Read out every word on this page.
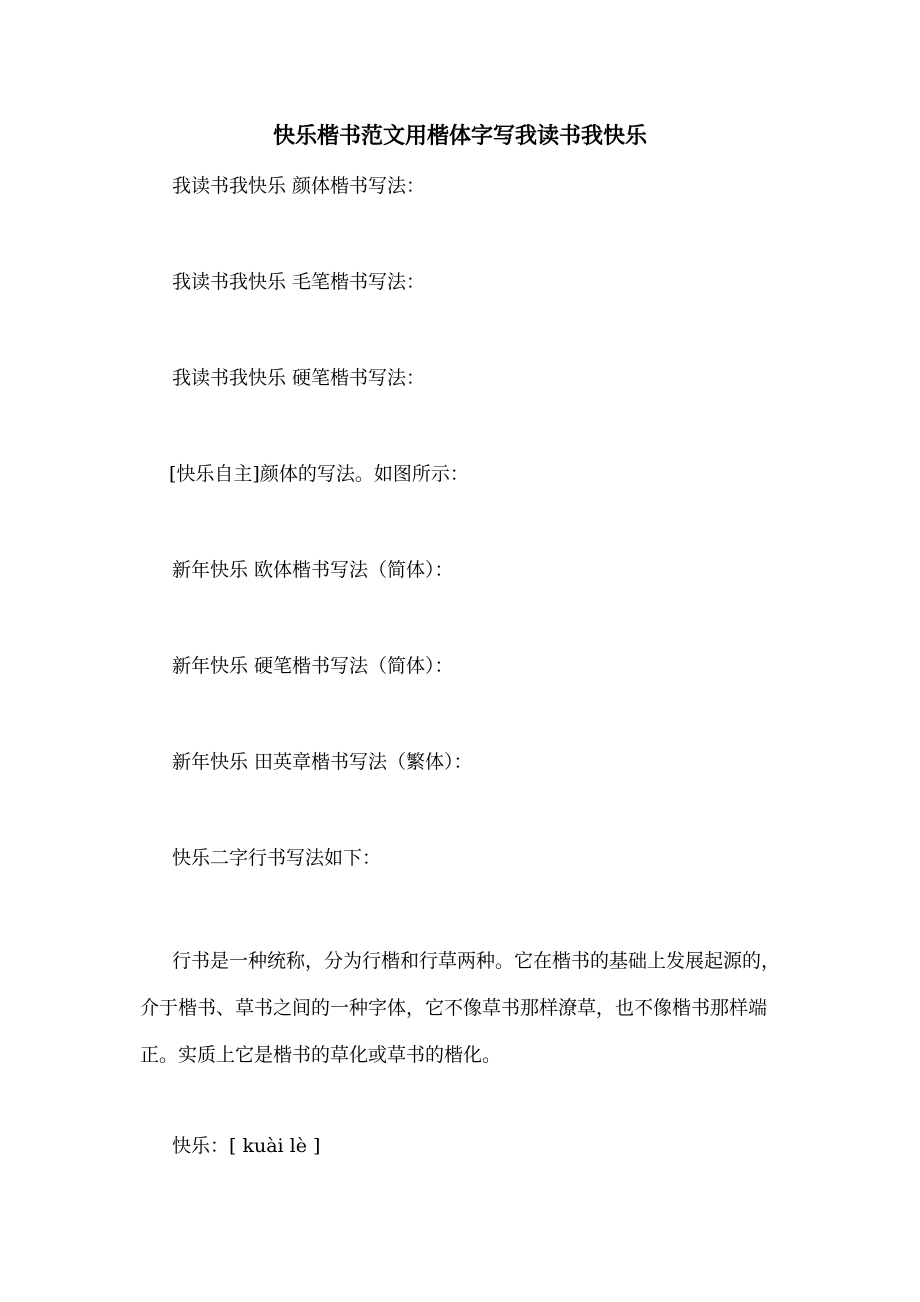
快乐楷书范文用楷体字写我读书我快乐
我读书我快乐 颜体楷书写法：
我读书我快乐 毛笔楷书写法：
我读书我快乐 硬笔楷书写法：
[快乐自主]颜体的写法。如图所示：
新年快乐 欧体楷书写法（简体）：
新年快乐 硬笔楷书写法（简体）：
新年快乐 田英章楷书写法（繁体）：
快乐二字行书写法如下：
行书是一种统称，分为行楷和行草两种。它在楷书的基础上发展起源的，介于楷书、草书之间的一种字体，它不像草书那样潦草，也不像楷书那样端正。实质上它是楷书的草化或草书的楷化。
快乐：[ kuài lè ]
